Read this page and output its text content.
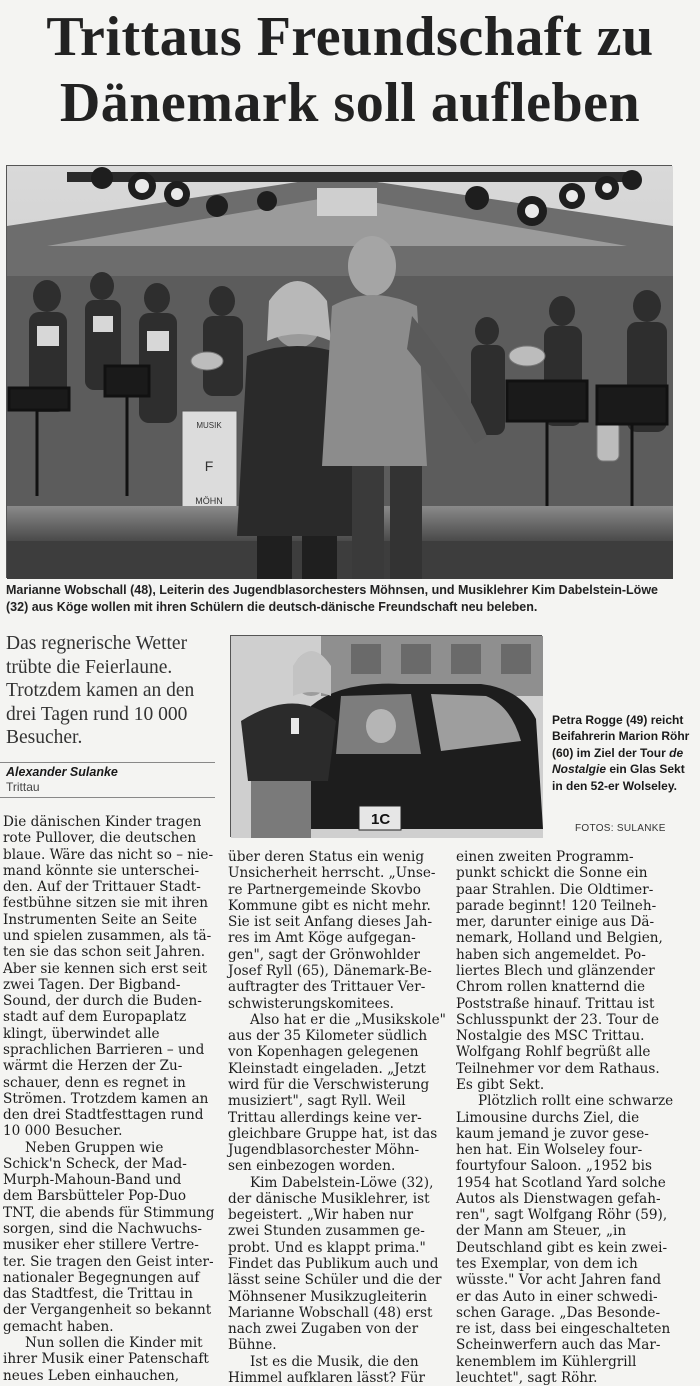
Trittaus Freundschaft zu
Dänemark soll aufleben
MUSIK
F
MÖHN
Marianne Wobschall (48), Leiterin des Jugendblasorchesters Möhnsen, und Musiklehrer Kim Dabelstein-Löwe (32) aus Köge wollen mit ihren Schülern die deutsch-dänische Freundschaft neu beleben.
Das regnerische Wetter trübte die Feierlaune. Trotzdem kamen an den drei Tagen rund 10 000 Besucher.
Alexander Sulanke
Trittau
1C
Petra Rogge (49) reicht Beifahrerin Marion Röhr (60) im Ziel der Tour de Nostalgie ein Glas Sekt in den 52-er Wolseley.
FOTOS: SULANKE

Die dänischen Kinder tragen
rote Pullover, die deutschen
blaue. Wäre das nicht so – nie-
mand könnte sie unterschei-
den. Auf der Trittauer Stadt-
festbühne sitzen sie mit ihren
Instrumenten Seite an Seite
und spielen zusammen, als tä-
ten sie das schon seit Jahren.
Aber sie kennen sich erst seit
zwei Tagen. Der Bigband-
Sound, der durch die Buden-
stadt auf dem Europaplatz
klingt, überwindet alle
sprachlichen Barrieren – und
wärmt die Herzen der Zu-
schauer, denn es regnet in
Strömen. Trotzdem kamen an
den drei Stadtfesttagen rund
10 000 Besucher.

Neben Gruppen wie
Schick'n Scheck, der Mad-
Murph-Mahoun-Band und
dem Barsbütteler Pop-Duo
TNT, die abends für Stimmung
sorgen, sind die Nachwuchs-
musiker eher stillere Vertre-
ter. Sie tragen den Geist inter-
nationaler Begegnungen auf
das Stadtfest, die Trittau in
der Vergangenheit so bekannt
gemacht haben.

Nun sollen die Kinder mit
ihrer Musik einer Patenschaft
neues Leben einhauchen,

über deren Status ein wenig
Unsicherheit herrscht. „Unse-
re Partnergemeinde Skovbo
Kommune gibt es nicht mehr.
Sie ist seit Anfang dieses Jah-
res im Amt Köge aufgegan-
gen", sagt der Grönwohlder
Josef Ryll (65), Dänemark-Be-
auftragter des Trittauer Ver-
schwisterungskomitees.

Also hat er die „Musikskole"
aus der 35 Kilometer südlich
von Kopenhagen gelegenen
Kleinstadt eingeladen. „Jetzt
wird für die Verschwisterung
musiziert", sagt Ryll. Weil
Trittau allerdings keine ver-
gleichbare Gruppe hat, ist das
Jugendblasorchester Möhn-
sen einbezogen worden.

Kim Dabelstein-Löwe (32),
der dänische Musiklehrer, ist
begeistert. „Wir haben nur
zwei Stunden zusammen ge-
probt. Und es klappt prima."
Findet das Publikum auch und
lässt seine Schüler und die der
Möhnsener Musikzugleiterin
Marianne Wobschall (48) erst
nach zwei Zugaben von der
Bühne.

Ist es die Musik, die den
Himmel aufklaren lässt? Für

einen zweiten Programm-
punkt schickt die Sonne ein
paar Strahlen. Die Oldtimer-
parade beginnt! 120 Teilneh-
mer, darunter einige aus Dä-
nemark, Holland und Belgien,
haben sich angemeldet. Po-
liertes Blech und glänzender
Chrom rollen knatternd die
Poststraße hinauf. Trittau ist
Schlusspunkt der 23. Tour de
Nostalgie des MSC Trittau.
Wolfgang Rohlf begrüßt alle
Teilnehmer vor dem Rathaus.
Es gibt Sekt.

Plötzlich rollt eine schwarze
Limousine durchs Ziel, die
kaum jemand je zuvor gese-
hen hat. Ein Wolseley four-
fourtyfour Saloon. „1952 bis
1954 hat Scotland Yard solche
Autos als Dienstwagen gefah-
ren", sagt Wolfgang Röhr (59),
der Mann am Steuer, „in
Deutschland gibt es kein zwei-
tes Exemplar, von dem ich
wüsste." Vor acht Jahren fand
er das Auto in einer schwedi-
schen Garage. „Das Besonde-
re ist, dass bei eingeschalteten
Scheinwerfern auch das Mar-
kenemblem im Kühlergrill
leuchtet", sagt Röhr.
